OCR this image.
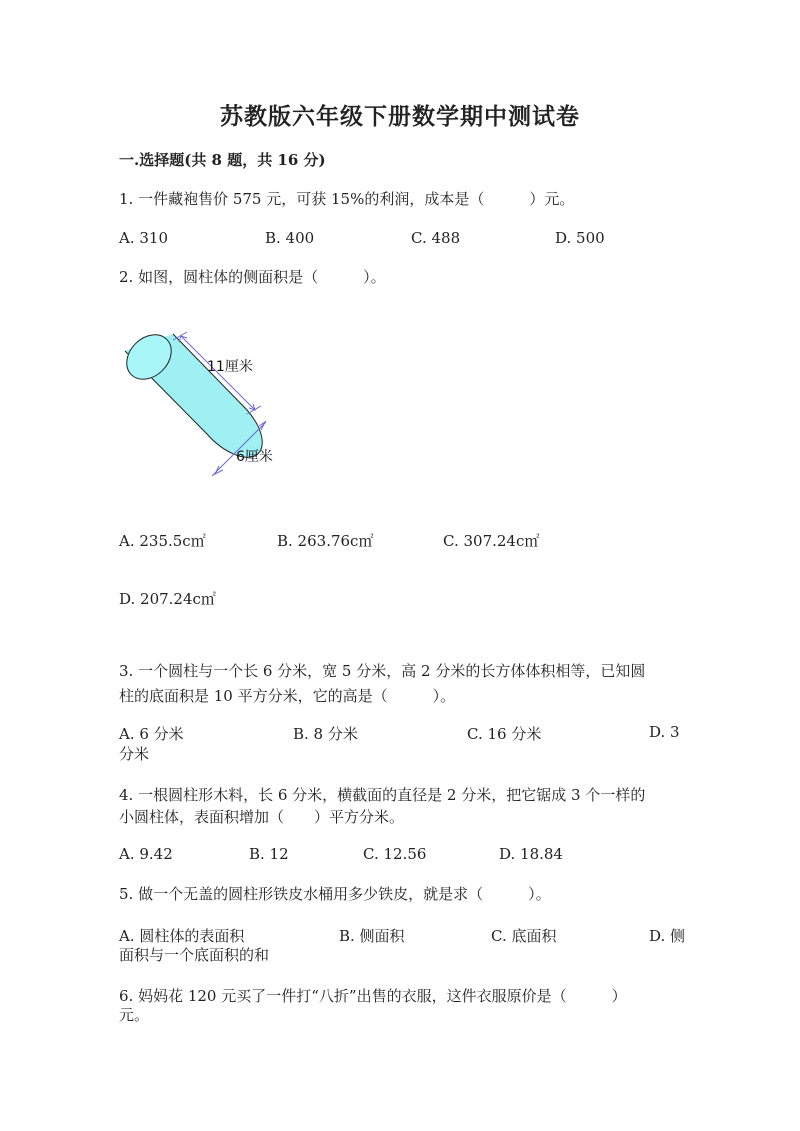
苏教版六年级下册数学期中测试卷
一.选择题(共 8 题，共 16 分)
1. 一件藏袍售价 575 元，可获 15%的利润，成本是（　　　）元。
A. 310	B. 400	C. 488	D. 500
2. 如图，圆柱体的侧面积是（　　　）。
11厘米
6厘米
A. 235.5c㎡	B. 263.76c㎡	C. 307.24c㎡
D. 207.24c㎡
3. 一个圆柱与一个长 6 分米，宽 5 分米，高 2 分米的长方体体积相等，已知圆
柱的底面积是 10 平方分米，它的高是（　　　）。
A. 6 分米	B. 8 分米	C. 16 分米	D. 3
分米
4. 一根圆柱形木料，长 6 分米，横截面的直径是 2 分米，把它锯成 3 个一样的
小圆柱体，表面积增加（　　）平方分米。
A. 9.42	B. 12	C. 12.56	D. 18.84
5. 做一个无盖的圆柱形铁皮水桶用多少铁皮，就是求（　　　）。
A. 圆柱体的表面积	B. 侧面积	C. 底面积	D. 侧
面积与一个底面积的和
6. 妈妈花 120 元买了一件打“八折”出售的衣服，这件衣服原价是（　　　）
元。
